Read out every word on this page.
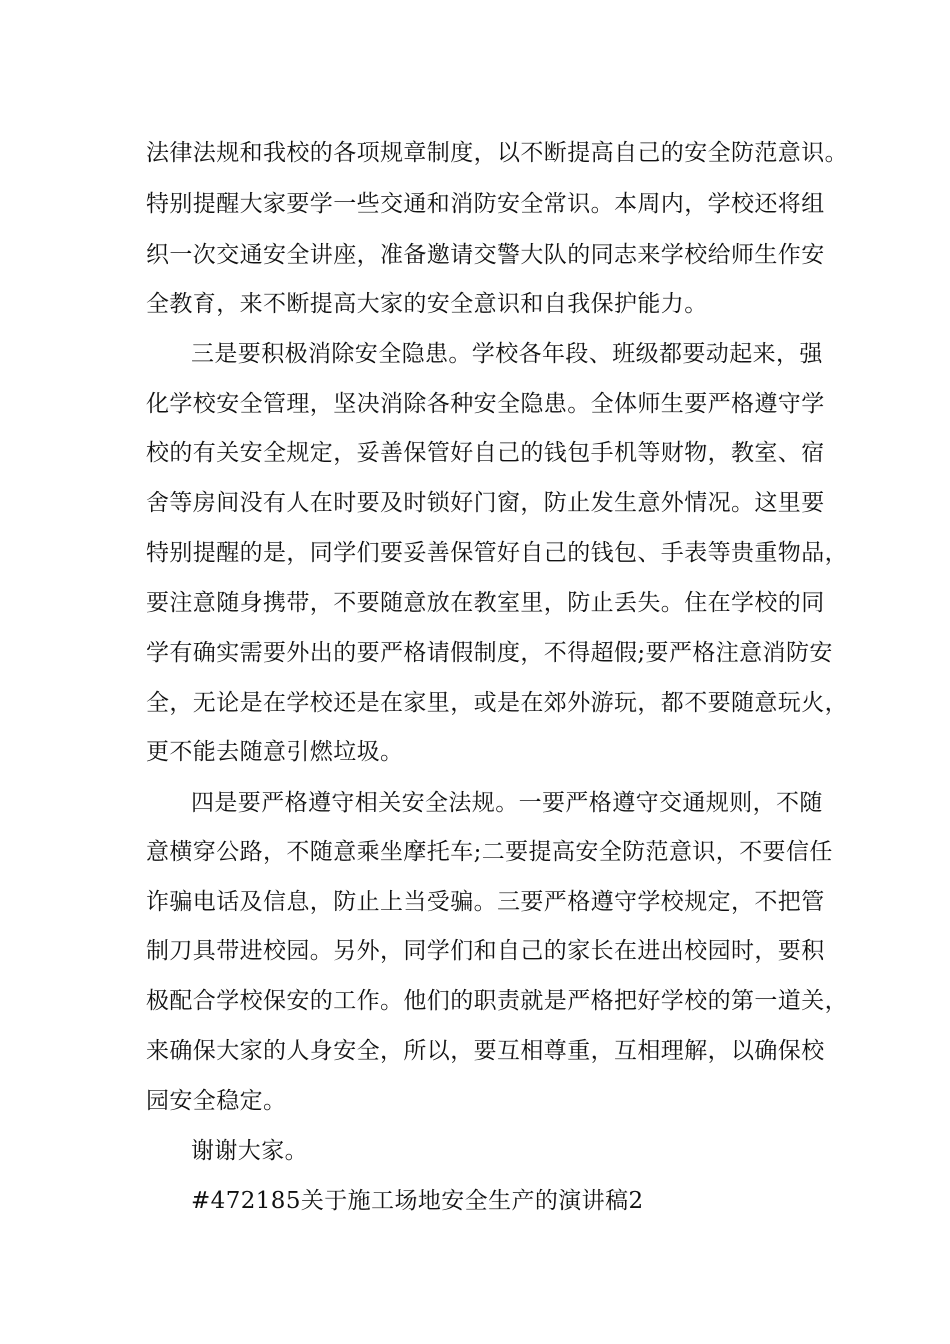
法律法规和我校的各项规章制度，以不断提高自己的安全防范意识。
特别提醒大家要学一些交通和消防安全常识。本周内，学校还将组
织一次交通安全讲座，准备邀请交警大队的同志来学校给师生作安
全教育，来不断提高大家的安全意识和自我保护能力。
三是要积极消除安全隐患。学校各年段、班级都要动起来，强
化学校安全管理，坚决消除各种安全隐患。全体师生要严格遵守学
校的有关安全规定，妥善保管好自己的钱包手机等财物，教室、宿
舍等房间没有人在时要及时锁好门窗，防止发生意外情况。这里要
特别提醒的是，同学们要妥善保管好自己的钱包、手表等贵重物品，
要注意随身携带，不要随意放在教室里，防止丢失。住在学校的同
学有确实需要外出的要严格请假制度，不得超假;要严格注意消防安
全，无论是在学校还是在家里，或是在郊外游玩，都不要随意玩火，
更不能去随意引燃垃圾。
四是要严格遵守相关安全法规。一要严格遵守交通规则，不随
意横穿公路，不随意乘坐摩托车;二要提高安全防范意识，不要信任
诈骗电话及信息，防止上当受骗。三要严格遵守学校规定，不把管
制刀具带进校园。另外，同学们和自己的家长在进出校园时，要积
极配合学校保安的工作。他们的职责就是严格把好学校的第一道关，
来确保大家的人身安全，所以，要互相尊重，互相理解，以确保校
园安全稳定。
谢谢大家。
#472185关于施工场地安全生产的演讲稿2
